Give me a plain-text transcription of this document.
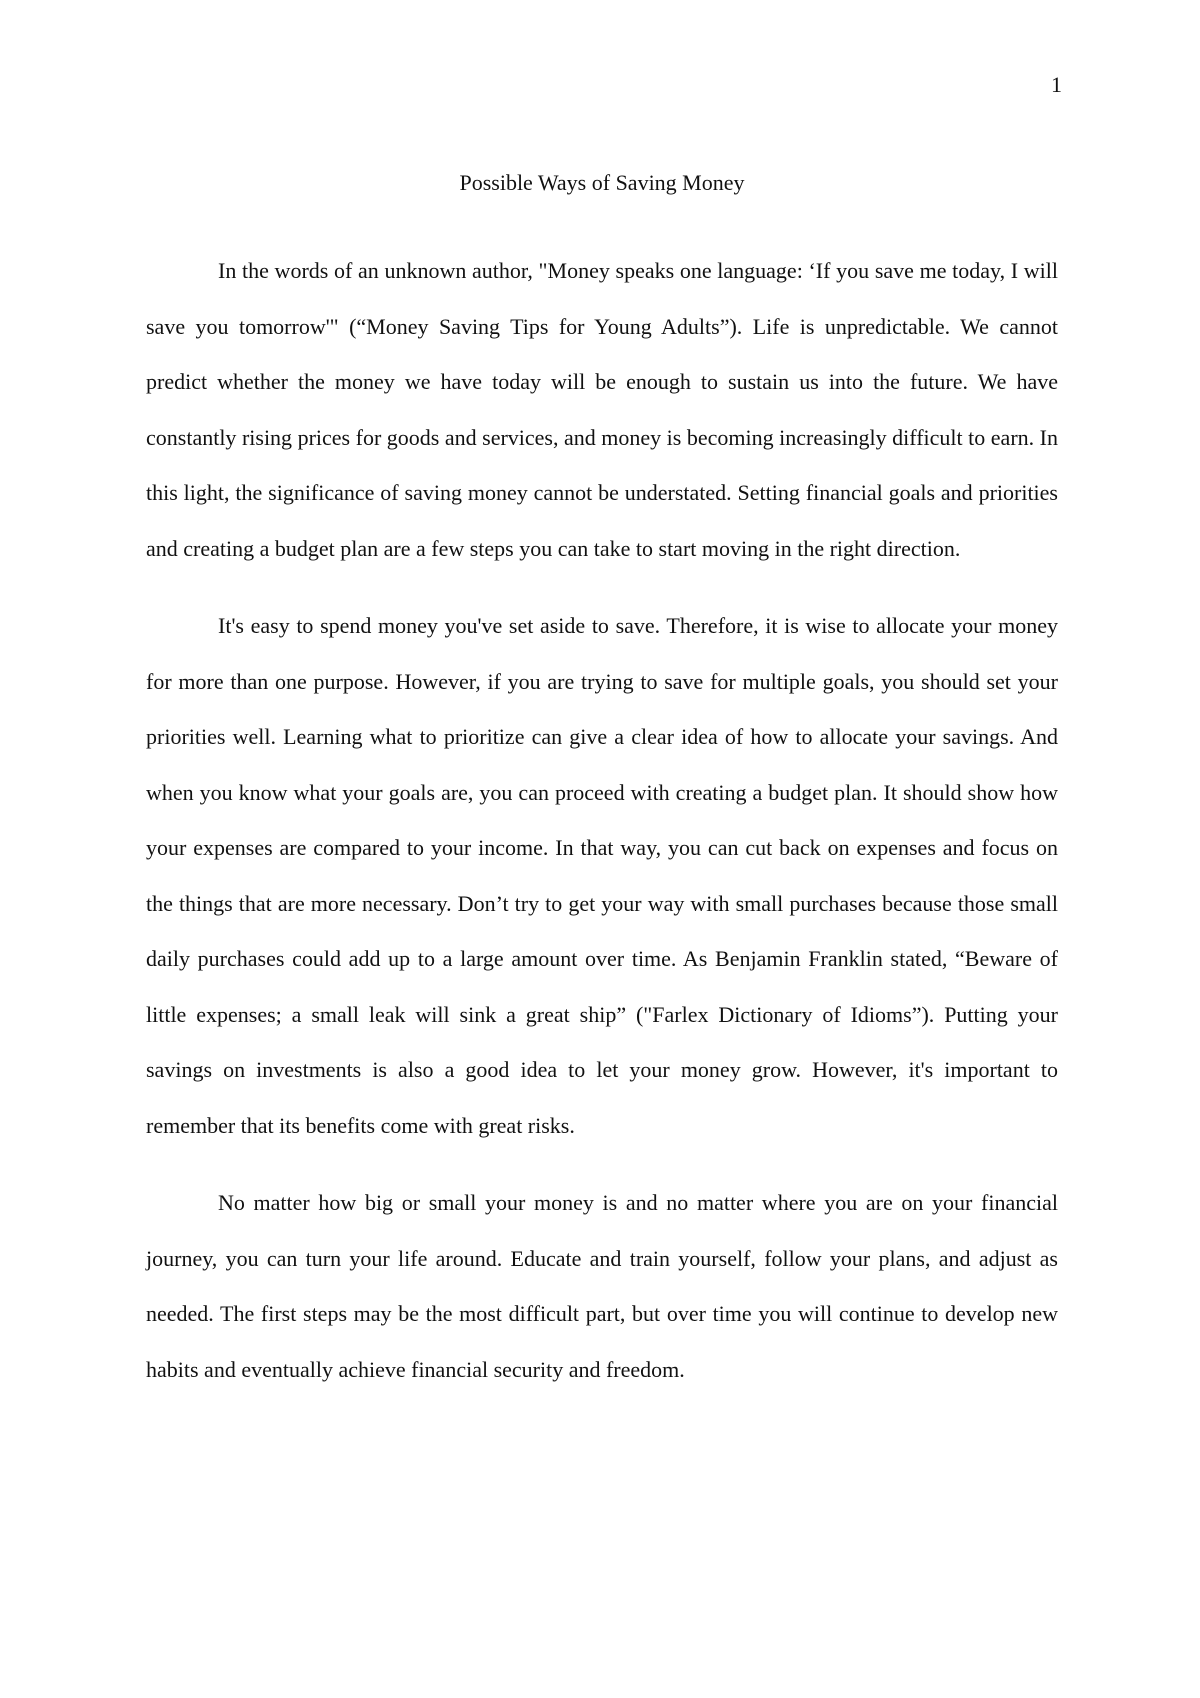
1
Possible Ways of Saving Money

In the words of an unknown author, "Money speaks one language: ‘If you save me today, I will save you tomorrow'" (“Money Saving Tips for Young Adults”). Life is unpredictable. We cannot predict whether the money we have today will be enough to sustain us into the future. We have constantly rising prices for goods and services, and money is becoming increasingly difficult to earn. In this light, the significance of saving money cannot be understated. Setting financial goals and priorities and creating a budget plan are a few steps you can take to start moving in the right direction.

It's easy to spend money you've set aside to save. Therefore, it is wise to allocate your money for more than one purpose. However, if you are trying to save for multiple goals, you should set your priorities well. Learning what to prioritize can give a clear idea of how to allocate your savings. And when you know what your goals are, you can proceed with creating a budget plan. It should show how your expenses are compared to your income. In that way, you can cut back on expenses and focus on the things that are more necessary. Don’t try to get your way with small purchases because those small daily purchases could add up to a large amount over time. As Benjamin Franklin stated, “Beware of little expenses; a small leak will sink a great ship” ("Farlex Dictionary of Idioms”). Putting your savings on investments is also a good idea to let your money grow. However, it's important to remember that its benefits come with great risks.

No matter how big or small your money is and no matter where you are on your financial journey, you can turn your life around. Educate and train yourself, follow your plans, and adjust as needed. The first steps may be the most difficult part, but over time you will continue to develop new habits and eventually achieve financial security and freedom.
